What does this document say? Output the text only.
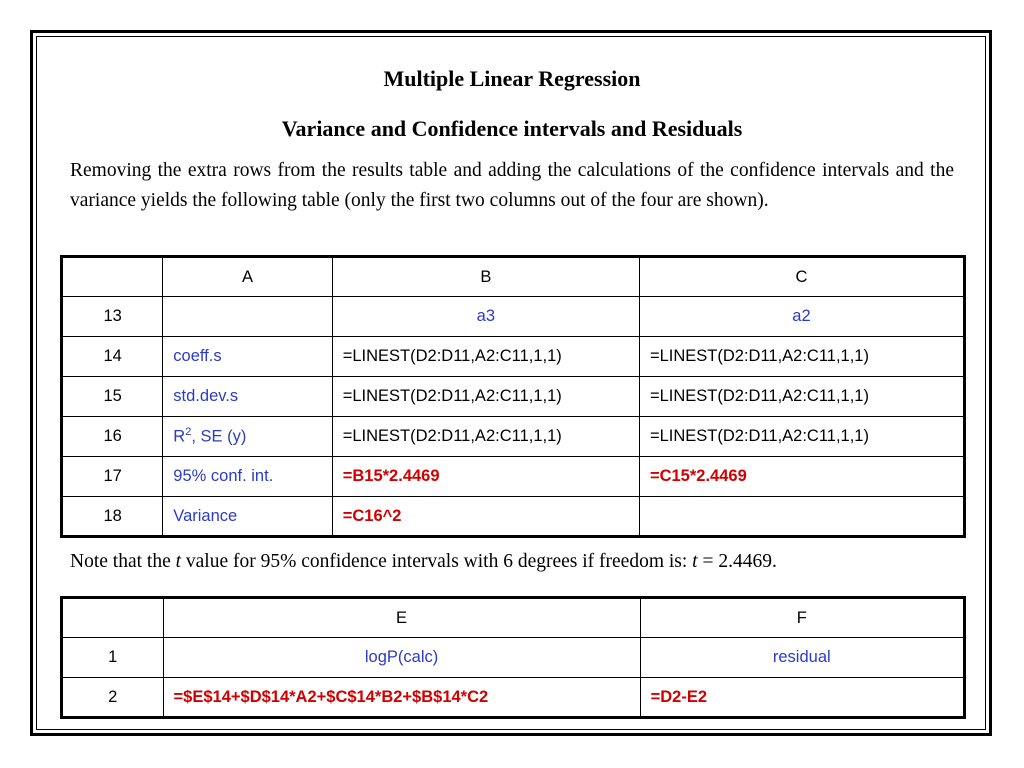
Multiple Linear Regression
Variance and Confidence intervals and Residuals

Removing the extra rows from the results table and adding the calculations of the confidence intervals and the variance yields the following table (only the first two columns out of the four are shown).

	A	B	C
13		a3	a2
14	coeff.s	=LINEST(D2:D11,A2:C11,1,1)	=LINEST(D2:D11,A2:C11,1,1)
15	std.dev.s	=LINEST(D2:D11,A2:C11,1,1)	=LINEST(D2:D11,A2:C11,1,1)
16	$R^2$, SE (y)	=LINEST(D2:D11,A2:C11,1,1)	=LINEST(D2:D11,A2:C11,1,1)
17	95% conf. int.	=B15*2.4469	=C15*2.4469
18	Variance	=C16^2	

Note that the t value for 95% confidence intervals with 6 degrees if freedom is: t = 2.4469.

	E	F
1	logP(calc)	residual
2	=$E$14+$D$14*A2+$C$14*B2+$B$14*C2	=D2-E2
